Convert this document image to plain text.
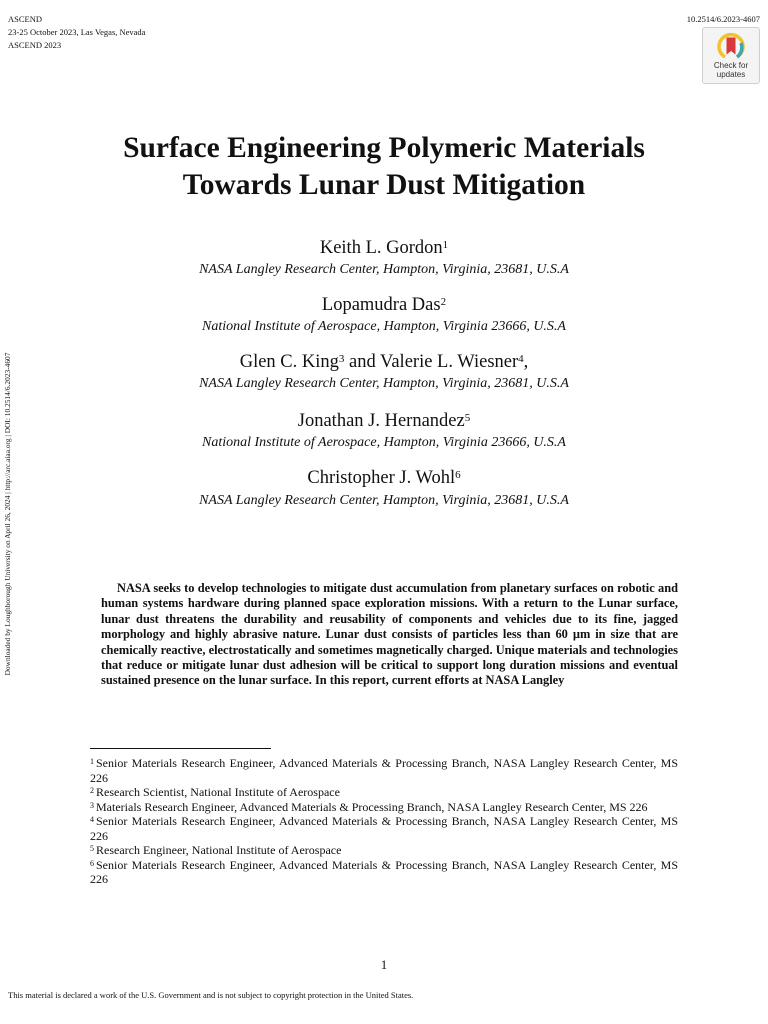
ASCEND
23-25 October 2023, Las Vegas, Nevada
ASCEND 2023
10.2514/6.2023-4607
Check for
updates
Downloaded by Loughborough University on April 26, 2024 | http://arc.aiaa.org | DOI: 10.2514/6.2023-4607
Surface Engineering Polymeric Materials
Towards Lunar Dust Mitigation
Keith L. Gordon$^1$
NASA Langley Research Center, Hampton, Virginia, 23681, U.S.A
Lopamudra Das$^2$
National Institute of Aerospace, Hampton, Virginia 23666, U.S.A
Glen C. King$^3$ and Valerie L. Wiesner$^4$,
NASA Langley Research Center, Hampton, Virginia, 23681, U.S.A
Jonathan J. Hernandez$^5$
National Institute of Aerospace, Hampton, Virginia 23666, U.S.A
Christopher J. Wohl$^6$
NASA Langley Research Center, Hampton, Virginia, 23681, U.S.A

NASA seeks to develop technologies to mitigate dust accumulation from planetary surfaces on robotic and human systems hardware during planned space exploration missions. With a return to the Lunar surface, lunar dust threatens the durability and reusability of components and vehicles due to its fine, jagged morphology and highly abrasive nature. Lunar dust consists of particles less than 60 µm in size that are chemically reactive, electrostatically and sometimes magnetically charged. Unique materials and technologies that reduce or mitigate lunar dust adhesion will be critical to support long duration missions and eventual sustained presence on the lunar surface. In this report, current efforts at NASA Langley

$^1$ Senior Materials Research Engineer, Advanced Materials & Processing Branch, NASA Langley Research Center, MS 226
$^2$ Research Scientist, National Institute of Aerospace
$^3$ Materials Research Engineer, Advanced Materials & Processing Branch, NASA Langley Research Center, MS 226
$^4$ Senior Materials Research Engineer, Advanced Materials & Processing Branch, NASA Langley Research Center, MS 226
$^5$ Research Engineer, National Institute of Aerospace
$^6$ Senior Materials Research Engineer, Advanced Materials & Processing Branch, NASA Langley Research Center, MS 226
1
This material is declared a work of the U.S. Government and is not subject to copyright protection in the United States.
